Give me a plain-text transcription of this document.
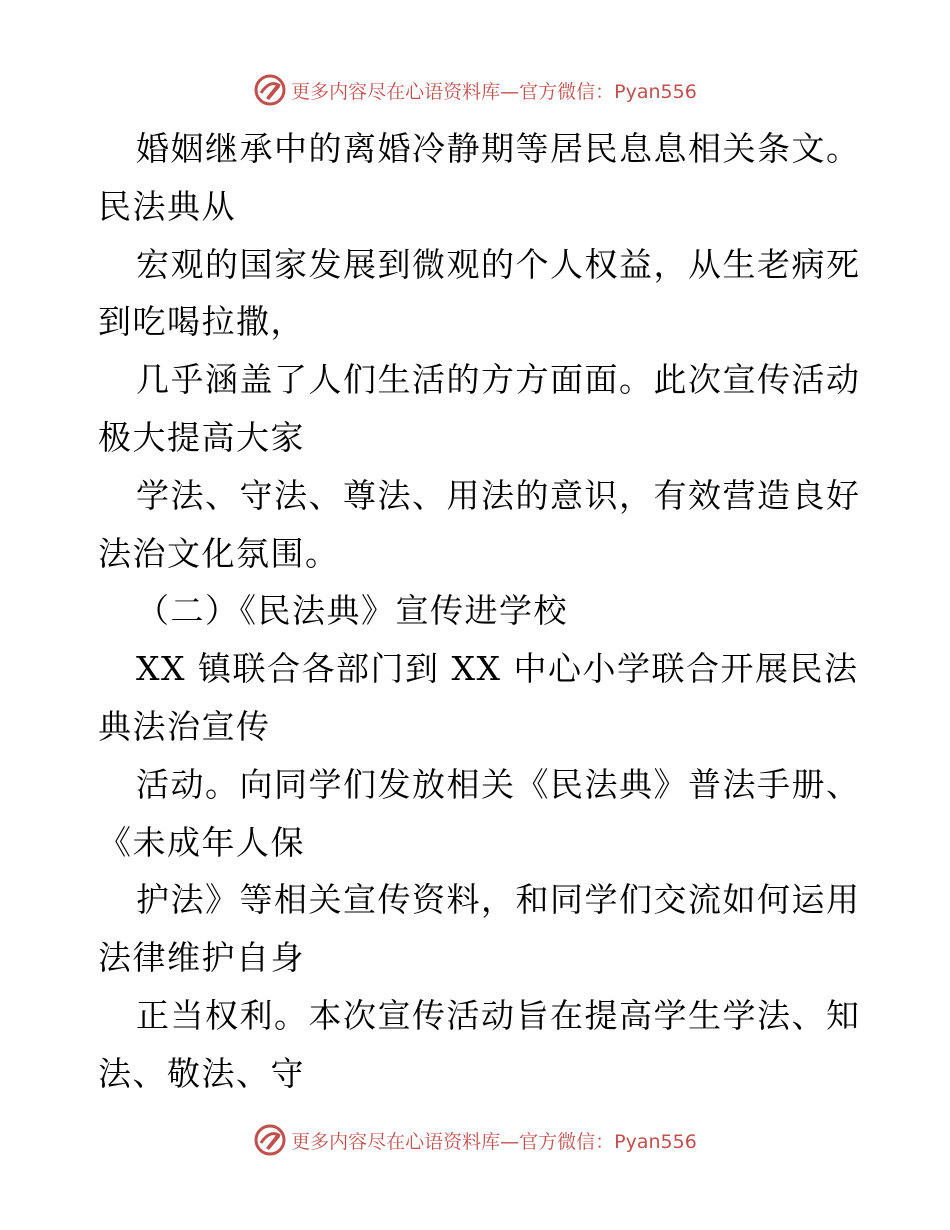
更多内容尽在心语资料库—官方微信：Pyan556
婚姻继承中的离婚冷静期等居民息息相关条文。
民法典从
宏观的国家发展到微观的个人权益，从生老病死
到吃喝拉撒，
几乎涵盖了人们生活的方方面面。此次宣传活动
极大提高大家
学法、守法、尊法、用法的意识，有效营造良好
法治文化氛围。
（二）《民法典》宣传进学校
XX 镇联合各部门到 XX 中心小学联合开展民法
典法治宣传
活动。向同学们发放相关《民法典》普法手册、
《未成年人保
护法》等相关宣传资料，和同学们交流如何运用
法律维护自身
正当权利。本次宣传活动旨在提高学生学法、知
法、敬法、守
更多内容尽在心语资料库—官方微信：Pyan556
